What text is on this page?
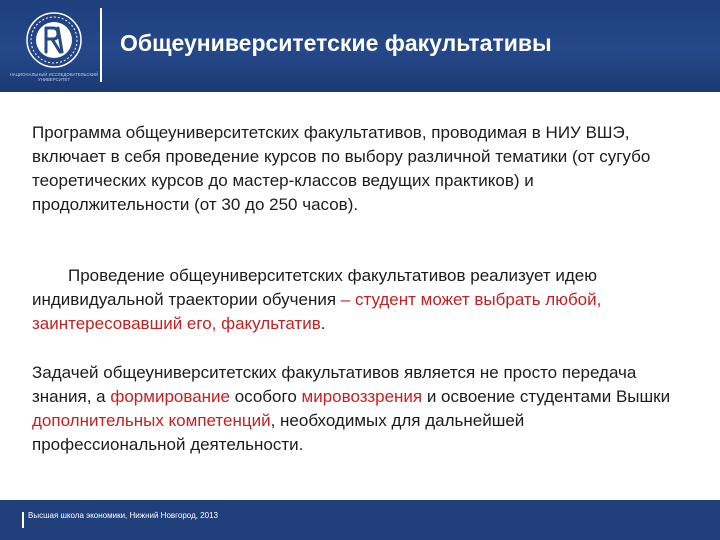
НАЦИОНАЛЬНЫЙ ИССЛЕДОВАТЕЛЬСКИЙ УНИВЕРСИТЕТ
Общеуниверситетские факультативы
Программа общеуниверситетских факультативов, проводимая в НИУ ВШЭ, включает в себя проведение курсов по выбору различной тематики (от сугубо теоретических курсов до мастер-классов ведущих практиков) и продолжительности (от 30 до 250 часов).
Проведение общеуниверситетских факультативов реализует идею индивидуальной траектории обучения – студент может выбрать любой, заинтересовавший его, факультатив.
Задачей общеуниверситетских факультативов является не просто передача знания, а формирование особого мировоззрения и освоение студентами Вышки дополнительных компетенций, необходимых для дальнейшей профессиональной деятельности.
Высшая школа экономики, Нижний Новгород, 2013
